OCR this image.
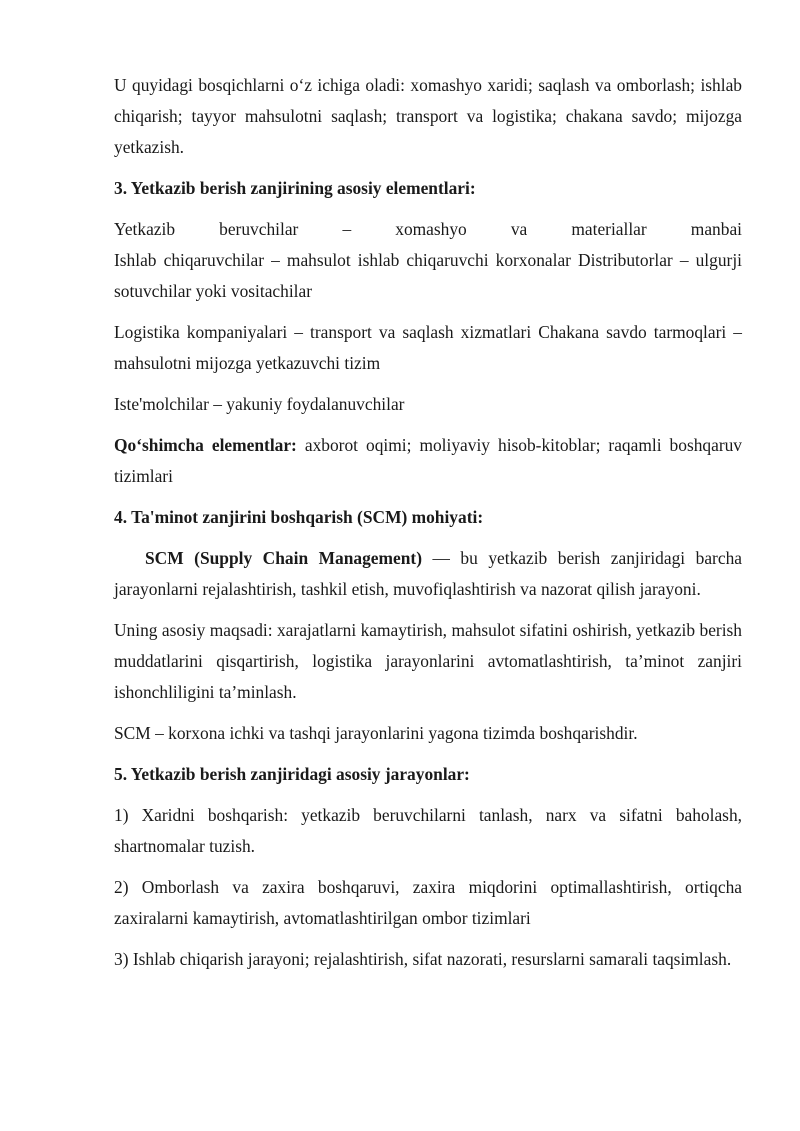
U quyidagi bosqichlarni o‘z ichiga oladi: xomashyo xaridi; saqlash va omborlash; ishlab chiqarish; tayyor mahsulotni saqlash; transport va logistika; chakana savdo; mijozga yetkazish.

3. Yetkazib berish zanjirining asosiy elementlari:

Yetkazib beruvchilar – xomashyo va materiallar manbai
Ishlab chiqaruvchilar – mahsulot ishlab chiqaruvchi korxonalar Distributorlar – ulgurji sotuvchilar yoki vositachilar

Logistika kompaniyalari – transport va saqlash xizmatlari Chakana savdo tarmoqlari – mahsulotni mijozga yetkazuvchi tizim

Iste'molchilar – yakuniy foydalanuvchilar

Qo‘shimcha elementlar: axborot oqimi; moliyaviy hisob-kitoblar; raqamli boshqaruv tizimlari

4. Ta'minot zanjirini boshqarish (SCM) mohiyati:

SCM (Supply Chain Management) — bu yetkazib berish zanjiridagi barcha jarayonlarni rejalashtirish, tashkil etish, muvofiqlashtirish va nazorat qilish jarayoni.

Uning asosiy maqsadi: xarajatlarni kamaytirish, mahsulot sifatini oshirish, yetkazib berish muddatlarini qisqartirish, logistika jarayonlarini avtomatlashtirish, ta’minot zanjiri ishonchliligini ta’minlash.

SCM – korxona ichki va tashqi jarayonlarini yagona tizimda boshqarishdir.

5. Yetkazib berish zanjiridagi asosiy jarayonlar:

1) Xaridni boshqarish: yetkazib beruvchilarni tanlash, narx va sifatni baholash, shartnomalar tuzish.

2) Omborlash va zaxira boshqaruvi, zaxira miqdorini optimallashtirish, ortiqcha zaxiralarni kamaytirish, avtomatlashtirilgan ombor tizimlari

3) Ishlab chiqarish jarayoni; rejalashtirish, sifat nazorati, resurslarni samarali taqsimlash.
